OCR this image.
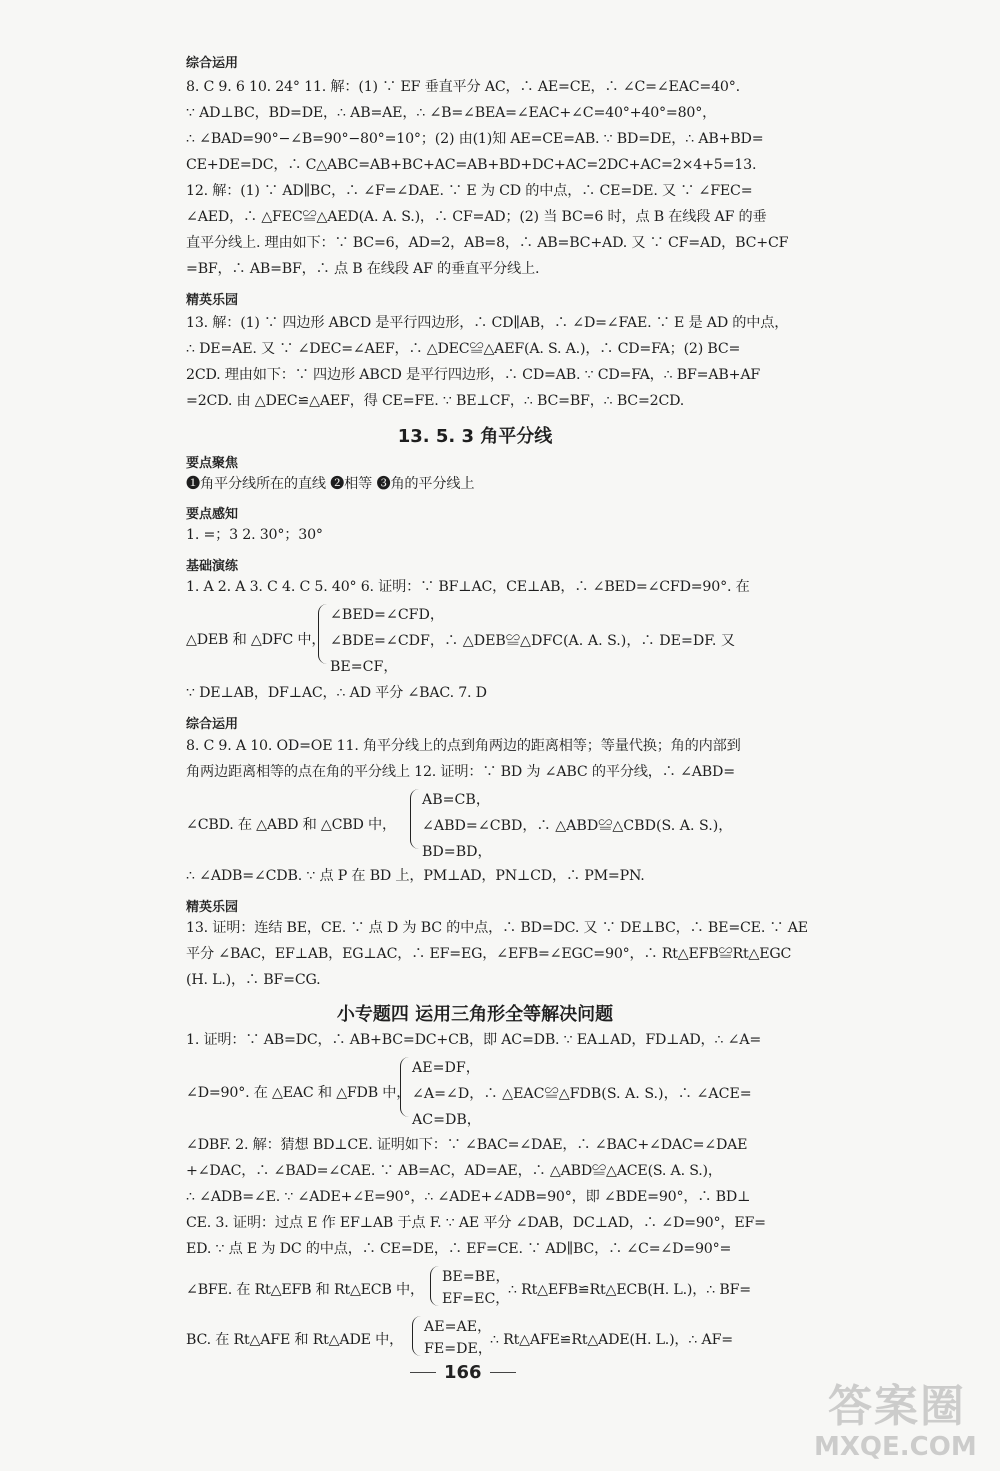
综合运用
8. C 9. 6 10. 24° 11. 解：(1) ∵ EF 垂直平分 AC，∴ AE=CE，∴ ∠C=∠EAC=40°.
∵ AD⊥BC，BD=DE，∴ AB=AE，∴ ∠B=∠BEA=∠EAC+∠C=40°+40°=80°，
∴ ∠BAD=90°−∠B=90°−80°=10°；(2) 由(1)知 AE=CE=AB. ∵ BD=DE，∴ AB+BD=
CE+DE=DC，∴ C△ABC=AB+BC+AC=AB+BD+DC+AC=2DC+AC=2×4+5=13.
12. 解：(1) ∵ AD∥BC，∴ ∠F=∠DAE. ∵ E 为 CD 的中点，∴ CE=DE. 又 ∵ ∠FEC=
∠AED，∴ △FEC≌△AED(A. A. S.)，∴ CF=AD；(2) 当 BC=6 时，点 B 在线段 AF 的垂
直平分线上. 理由如下：∵ BC=6，AD=2，AB=8，∴ AB=BC+AD. 又 ∵ CF=AD，BC+CF
=BF，∴ AB=BF，∴ 点 B 在线段 AF 的垂直平分线上.
精英乐园
13. 解：(1) ∵ 四边形 ABCD 是平行四边形，∴ CD∥AB，∴ ∠D=∠FAE. ∵ E 是 AD 的中点，
∴ DE=AE. 又 ∵ ∠DEC=∠AEF，∴ △DEC≌△AEF(A. S. A.)，∴ CD=FA；(2) BC=
2CD. 理由如下：∵ 四边形 ABCD 是平行四边形，∴ CD=AB. ∵ CD=FA，∴ BF=AB+AF
=2CD. 由 △DEC≌△AEF，得 CE=FE. ∵ BE⊥CF，∴ BC=BF，∴ BC=2CD.
13. 5. 3 角平分线
要点聚焦
❶角平分线所在的直线 ❷相等 ❸角的平分线上
要点感知
1. =；3 2. 30°；30°
基础演练
1. A 2. A 3. C 4. C 5. 40° 6. 证明：∵ BF⊥AC，CE⊥AB，∴ ∠BED=∠CFD=90°. 在
△DEB 和 △DFC 中，
∠BED=∠CFD，
∠BDE=∠CDF，∴ △DEB≌△DFC(A. A. S.)，∴ DE=DF. 又
BE=CF，
∵ DE⊥AB，DF⊥AC，∴ AD 平分 ∠BAC. 7. D
综合运用
8. C 9. A 10. OD=OE 11. 角平分线上的点到角两边的距离相等；等量代换；角的内部到
角两边距离相等的点在角的平分线上 12. 证明：∵ BD 为 ∠ABC 的平分线，∴ ∠ABD=
∠CBD. 在 △ABD 和 △CBD 中，
AB=CB，
∠ABD=∠CBD，∴ △ABD≌△CBD(S. A. S.)，
BD=BD，
∴ ∠ADB=∠CDB. ∵ 点 P 在 BD 上，PM⊥AD，PN⊥CD，∴ PM=PN.
精英乐园
13. 证明：连结 BE，CE. ∵ 点 D 为 BC 的中点，∴ BD=DC. 又 ∵ DE⊥BC，∴ BE=CE. ∵ AE
平分 ∠BAC，EF⊥AB，EG⊥AC，∴ EF=EG，∠EFB=∠EGC=90°，∴ Rt△EFB≌Rt△EGC
(H. L.)，∴ BF=CG.
小专题四 运用三角形全等解决问题
1. 证明：∵ AB=DC，∴ AB+BC=DC+CB，即 AC=DB. ∵ EA⊥AD，FD⊥AD，∴ ∠A=
∠D=90°. 在 △EAC 和 △FDB 中，
AE=DF，
∠A=∠D，∴ △EAC≌△FDB(S. A. S.)，∴ ∠ACE=
AC=DB，
∠DBF. 2. 解：猜想 BD⊥CE. 证明如下：∵ ∠BAC=∠DAE，∴ ∠BAC+∠DAC=∠DAE
+∠DAC，∴ ∠BAD=∠CAE. ∵ AB=AC，AD=AE，∴ △ABD≌△ACE(S. A. S.)，
∴ ∠ADB=∠E. ∵ ∠ADE+∠E=90°，∴ ∠ADE+∠ADB=90°，即 ∠BDE=90°，∴ BD⊥
CE. 3. 证明：过点 E 作 EF⊥AB 于点 F. ∵ AE 平分 ∠DAB，DC⊥AD，∴ ∠D=90°，EF=
ED. ∵ 点 E 为 DC 的中点，∴ CE=DE，∴ EF=CE. ∵ AD∥BC，∴ ∠C=∠D=90°=
∠BFE. 在 Rt△EFB 和 Rt△ECB 中，
BE=BE，
EF=EC，
∴ Rt△EFB≌Rt△ECB(H. L.)，∴ BF=
BC. 在 Rt△AFE 和 Rt△ADE 中，
AE=AE，
FE=DE，
∴ Rt△AFE≌Rt△ADE(H. L.)，∴ AF=
166
答案圈
MXQE.COM
